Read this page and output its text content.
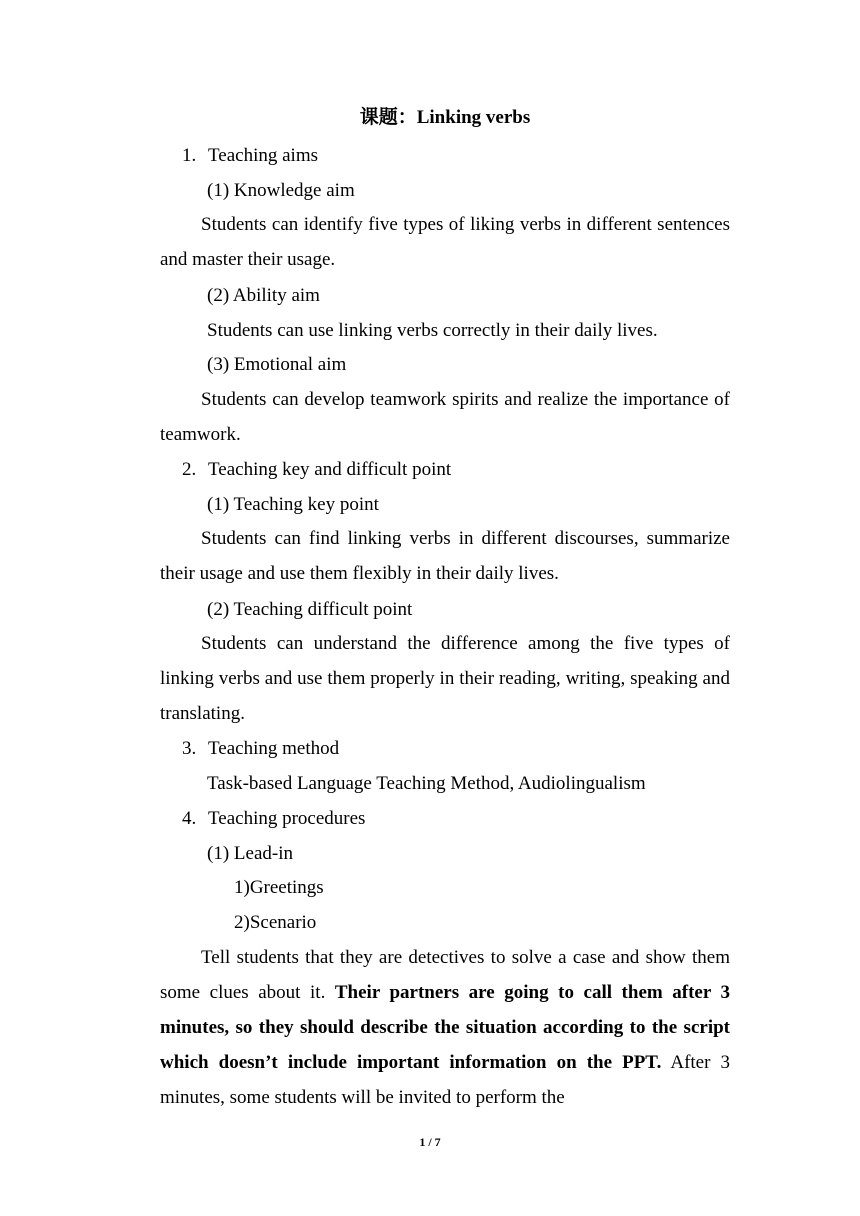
课题：Linking verbs
1. Teaching aims
(1) Knowledge aim
Students can identify five types of liking verbs in different sentences and master their usage.
(2) Ability aim
Students can use linking verbs correctly in their daily lives.
(3) Emotional aim
Students can develop teamwork spirits and realize the importance of teamwork.
2. Teaching key and difficult point
(1) Teaching key point
Students can find linking verbs in different discourses, summarize their usage and use them flexibly in their daily lives.
(2) Teaching difficult point
Students can understand the difference among the five types of linking verbs and use them properly in their reading, writing, speaking and translating.
3. Teaching method
Task-based Language Teaching Method, Audiolingualism
4. Teaching procedures
(1) Lead-in
1)Greetings
2)Scenario
Tell students that they are detectives to solve a case and show them some clues about it. Their partners are going to call them after 3 minutes, so they should describe the situation according to the script which doesn’t include important information on the PPT. After 3 minutes, some students will be invited to perform the
1 / 7
